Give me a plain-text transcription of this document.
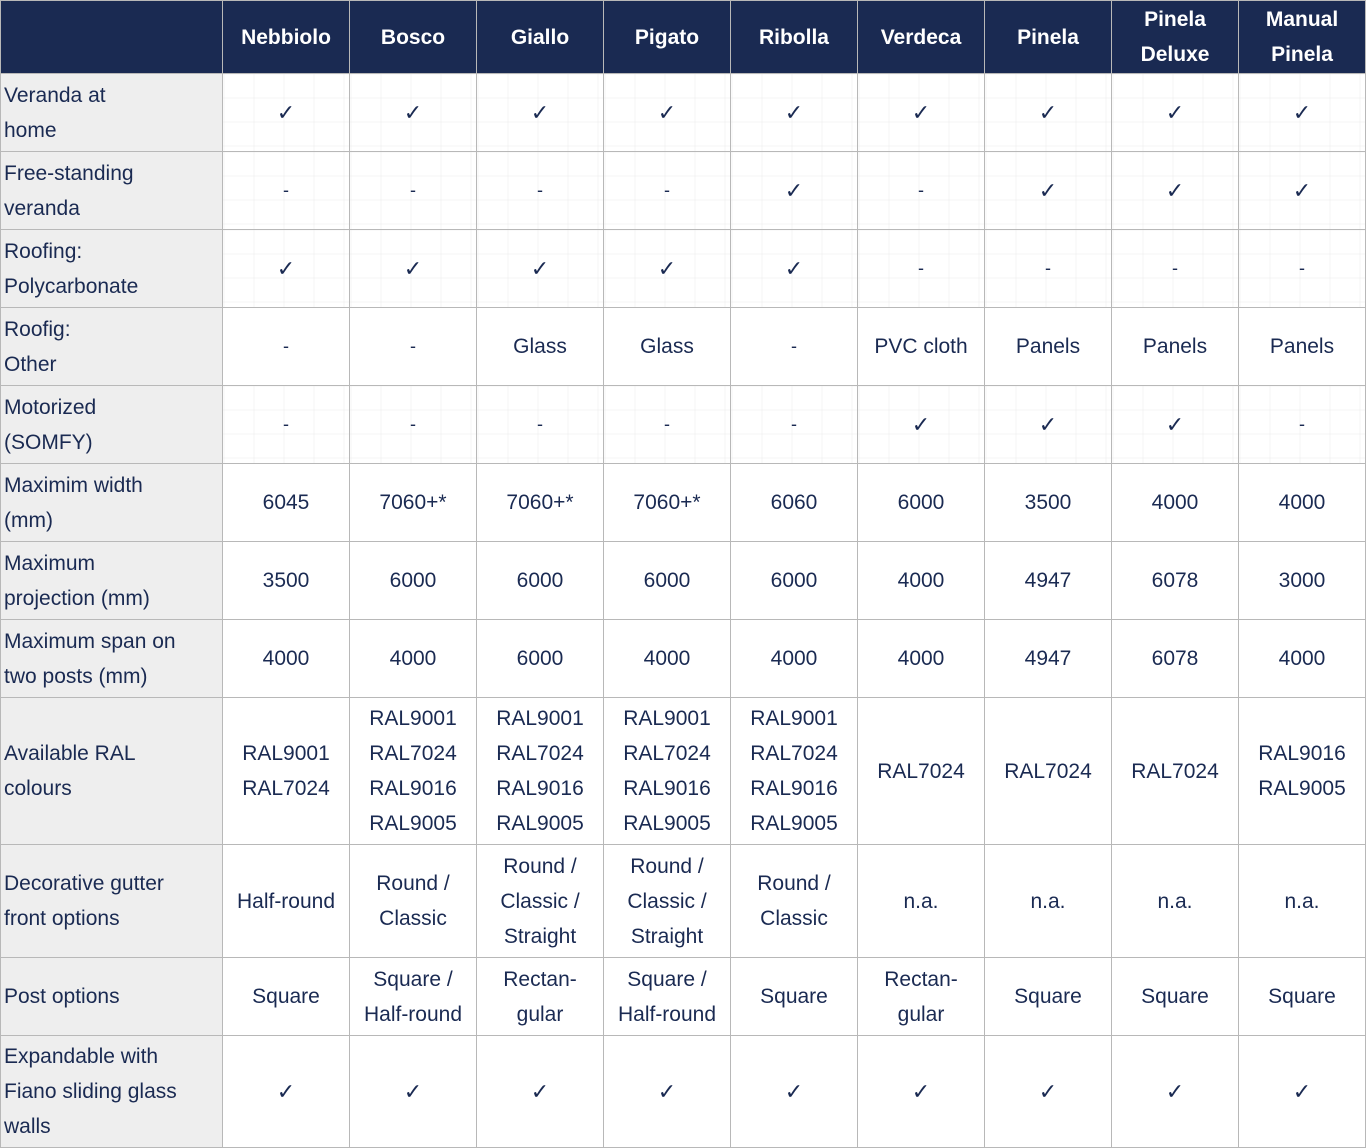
	Nebbiolo	Bosco	Giallo	Pigato	Ribolla	Verdeca	Pinela	Pinela Deluxe	Manual Pinela

Veranda at
home	✓	✓	✓	✓	✓	✓	✓	✓	✓

Free-standing
veranda	-	-	-	-	✓	-	✓	✓	✓

Roofing:
Polycarbonate	✓	✓	✓	✓	✓	-	-	-	-

Roofig:
Other	-	-	Glass	Glass	-	PVC cloth	Panels	Panels	Panels

Motorized
(SOMFY)	-	-	-	-	-	✓	✓	✓	-

Maximim width
(mm)	6045	7060+*	7060+*	7060+*	6060	6000	3500	4000	4000

Maximum
projection (mm)	3500	6000	6000	6000	6000	4000	4947	6078	3000

Maximum span on
two posts (mm)	4000	4000	6000	4000	4000	4000	4947	6078	4000

Available RAL
colours	RAL9001
RAL7024	RAL9001
RAL7024
RAL9016
RAL9005	RAL9001
RAL7024
RAL9016
RAL9005	RAL9001
RAL7024
RAL9016
RAL9005	RAL9001
RAL7024
RAL9016
RAL9005	RAL7024	RAL7024	RAL7024	RAL9016
RAL9005

Decorative gutter
front options	Half-round	Round /
Classic	Round /
Classic /
Straight	Round /
Classic /
Straight	Round /
Classic	n.a.	n.a.	n.a.	n.a.

Post options	Square	Square /
Half-round	Rectan-
gular	Square /
Half-round	Square	Rectan-
gular	Square	Square	Square

Expandable with
Fiano sliding glass
walls	✓	✓	✓	✓	✓	✓	✓	✓	✓
